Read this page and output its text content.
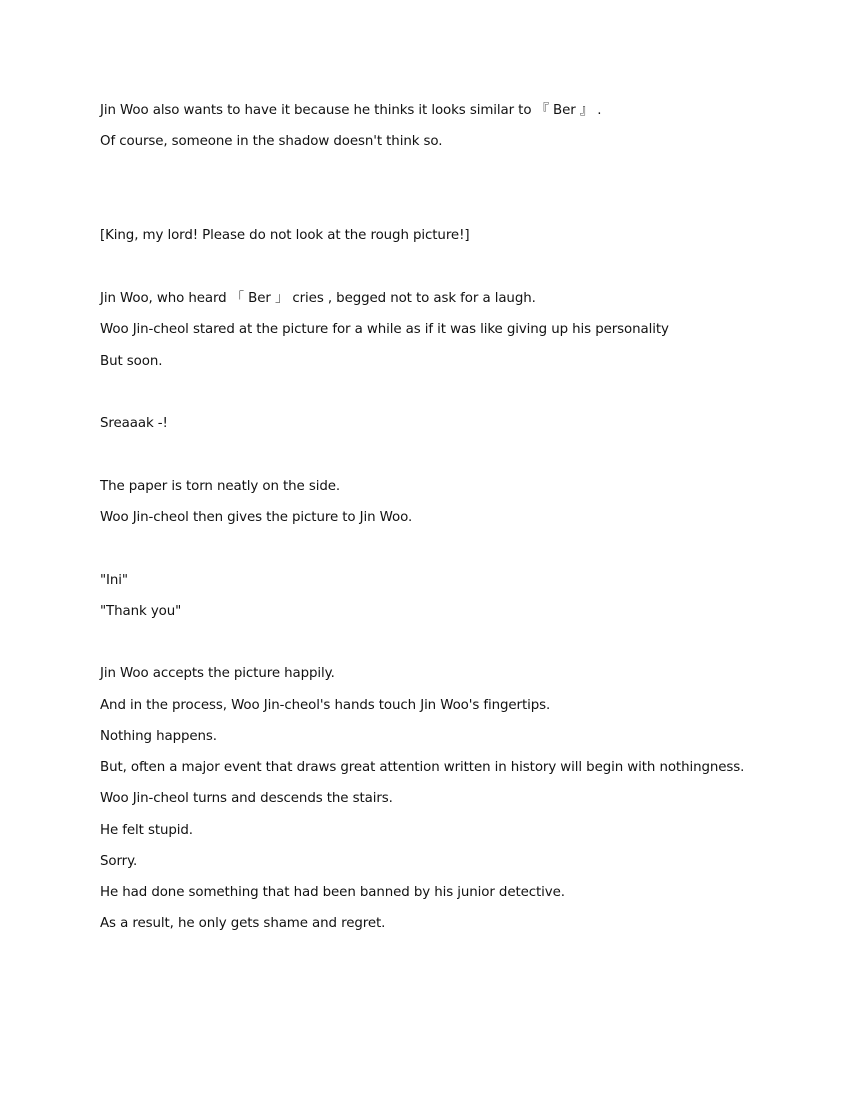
Jin Woo also wants to have it because he thinks it looks similar to 『 Ber 』 .
Of course, someone in the shadow doesn't think so.
[King, my lord! Please do not look at the rough picture!]
Jin Woo, who heard 「 Ber 」 cries , begged not to ask for a laugh.
Woo Jin-cheol stared at the picture for a while as if it was like giving up his personality
But soon.
Sreaaak -!
The paper is torn neatly on the side.
Woo Jin-cheol then gives the picture to Jin Woo.
"Ini"
"Thank you"
Jin Woo accepts the picture happily.
And in the process, Woo Jin-cheol's hands touch Jin Woo's fingertips.
Nothing happens.
But, often a major event that draws great attention written in history will begin with nothingness.
Woo Jin-cheol turns and descends the stairs.
He felt stupid.
Sorry.
He had done something that had been banned by his junior detective.
As a result, he only gets shame and regret.
